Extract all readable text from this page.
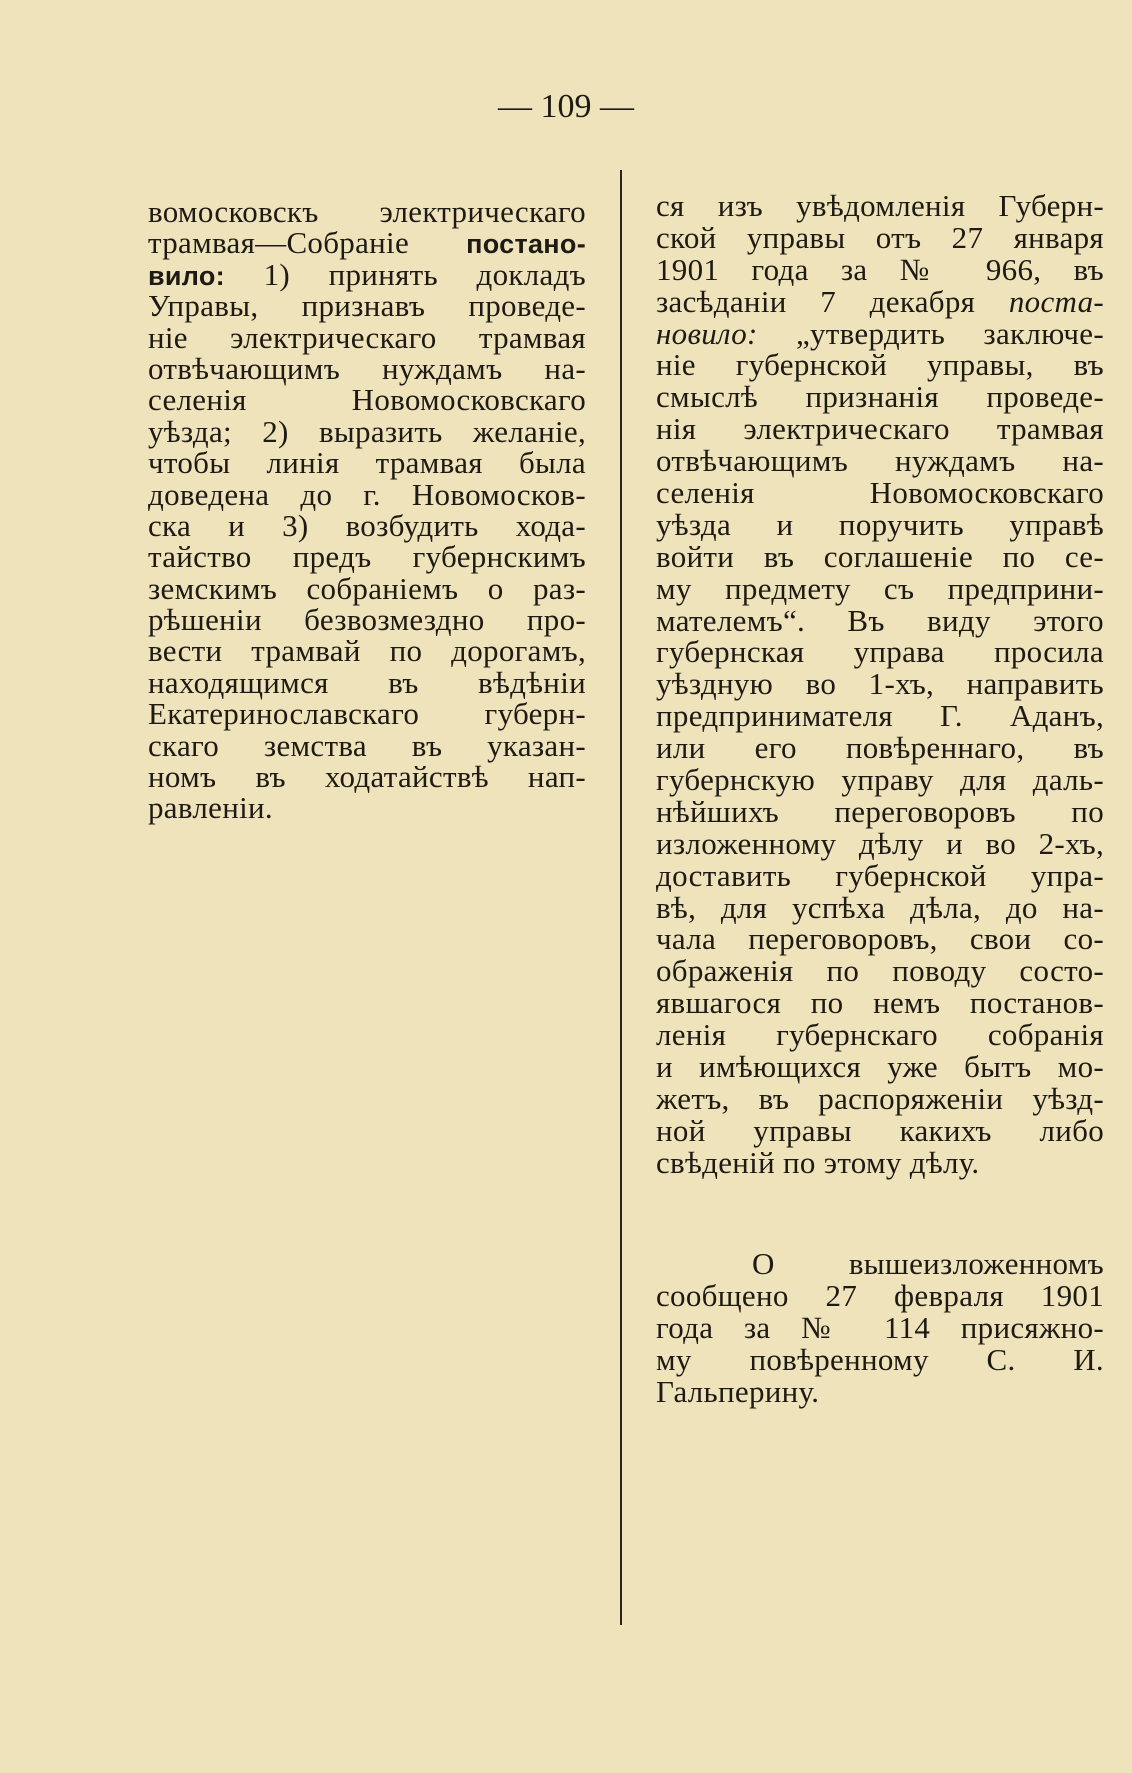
— 109 —
вомосковскъ электрическаго
трамвая—Собраніе постано-
вило: 1) принять докладъ
Управы, признавъ проведе-
ніе электрическаго трамвая
отвѣчающимъ нуждамъ на-
селенія Новомосковскаго
уѣзда; 2) выразить желаніе,
чтобы линія трамвая была
доведена до г. Новомосков-
ска и 3) возбудить хода-
тайство предъ губернскимъ
земскимъ собраніемъ о раз-
рѣшеніи безвозмездно про-
вести трамвай по дорогамъ,
находящимся въ вѣдѣніи
Екатеринославскаго губерн-
скаго земства въ указан-
номъ въ ходатайствѣ нап-
равленіи.
ся изъ увѣдомленія Губерн-
ской управы отъ 27 января
1901 года за № 966, въ
засѣданіи 7 декабря поста-
новило: „утвердить заключе-
ніе губернской управы, въ
смыслѣ признанія проведе-
нія электрическаго трамвая
отвѣчающимъ нуждамъ на-
селенія Новомосковскаго
уѣзда и поручить управѣ
войти въ соглашеніе по се-
му предмету съ предприни-
мателемъ“. Въ виду этого
губернская управа просила
уѣздную во 1-хъ, направить
предпринимателя Г. Аданъ,
или его повѣреннаго, въ
губернскую управу для даль-
нѣйшихъ переговоровъ по
изложенному дѣлу и во 2-хъ,
доставить губернской упра-
вѣ, для успѣха дѣла, до на-
чала переговоровъ, свои со-
ображенія по поводу состо-
явшагося по немъ постанов-
ленія губернскаго собранія
и имѣющихся уже бытъ мо-
жетъ, въ распоряженіи уѣзд-
ной управы какихъ либо
свѣденій по этому дѣлу.
О вышеизложенномъ
сообщено 27 февраля 1901
года за № 114 присяжно-
му повѣренному С. И.
Гальперину.
